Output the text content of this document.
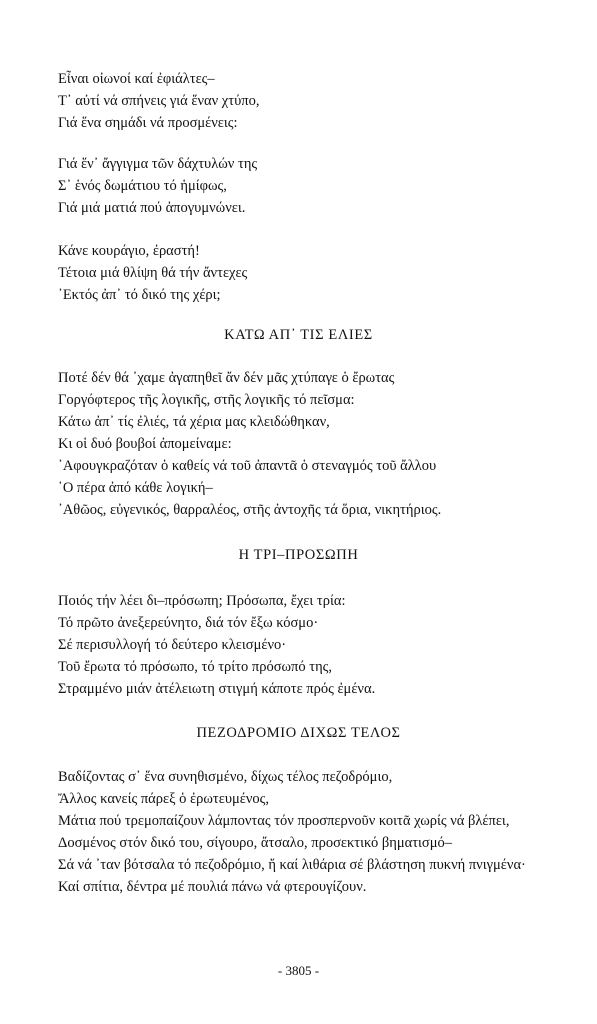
Εἶναι οἰωνοί καί ἐφιάλτες–
Τ᾽ αὐτί νά σπήνεις γιά ἕναν χτύπο,
Γιά ἕνα σημάδι νά προσμένεις:
Γιά ἕν᾽ ἄγγιγμα τῶν δάχτυλών της
Σ᾽ ἑνός δωμάτιου τό ἡμίφως,
Γιά μιά ματιά πού ἀπογυμνώνει.
Κάνε κουράγιο, ἐραστή!
Τέτοια μιά θλίψη θά τήν ἄντεχες
᾽Εκτός ἀπ᾽ τό δικό της χέρι;
ΚΑΤΩ ΑΠ᾽ ΤΙΣ ΕΛΙΕΣ
Ποτέ δέν θά ᾽χαμε ἀγαπηθεῖ ἄν δέν μᾶς χτύπαγε ὁ ἔρωτας
Γοργόφτερος τῆς λογικῆς, στῆς λογικῆς τό πεῖσμα:
Κάτω ἀπ᾽ τίς ἐλιές, τά χέρια μας κλειδώθηκαν,
Κι οἱ δυό βουβοί ἀπομείναμε:
᾽Αφουγκραζόταν ὁ καθείς νά τοῦ ἀπαντᾶ ὁ στεναγμός τοῦ ἄλλου
῾Ο πέρα ἀπό κάθε λογική–
᾽Αθῶος, εὐγενικός, θαρραλέος, στῆς ἀντοχῆς τά ὅρια, νικητήριος.
Η ΤΡΙ–ΠΡΟΣΩΠΗ
Ποιός τήν λέει δι–πρόσωπη; Πρόσωπα, ἔχει τρία:
Τό πρῶτο ἀνεξερεύνητο, διά τόν ἔξω κόσμο·
Σέ περισυλλογή τό δεύτερο κλεισμένο·
Τοῦ ἔρωτα τό πρόσωπο, τό τρίτο πρόσωπό της,
Στραμμένο μιάν ἀτέλειωτη στιγμή κάποτε πρός ἐμένα.
ΠΕΖΟΔΡΟΜΙΟ ΔΙΧΩΣ ΤΕΛΟΣ
Βαδίζοντας σ᾽ ἕνα συνηθισμένο, δίχως τέλος πεζοδρόμιο,
Ἄλλος κανείς πάρεξ ὁ ἐρωτευμένος,
Μάτια πού τρεμοπαίζουν λάμποντας τόν προσπερνοῦν κοιτᾶ χωρίς νά βλέπει,
Δοσμένος στόν δικό του, σίγουρο, ἄτσαλο, προσεκτικό βηματισμό–
Σά νά ᾽ταν βότσαλα τό πεζοδρόμιο, ἤ καί λιθάρια σέ βλάστηση πυκνή πνιγμένα·
Καί σπίτια, δέντρα μέ πουλιά πάνω νά φτερουγίζουν.
- 3805 -
